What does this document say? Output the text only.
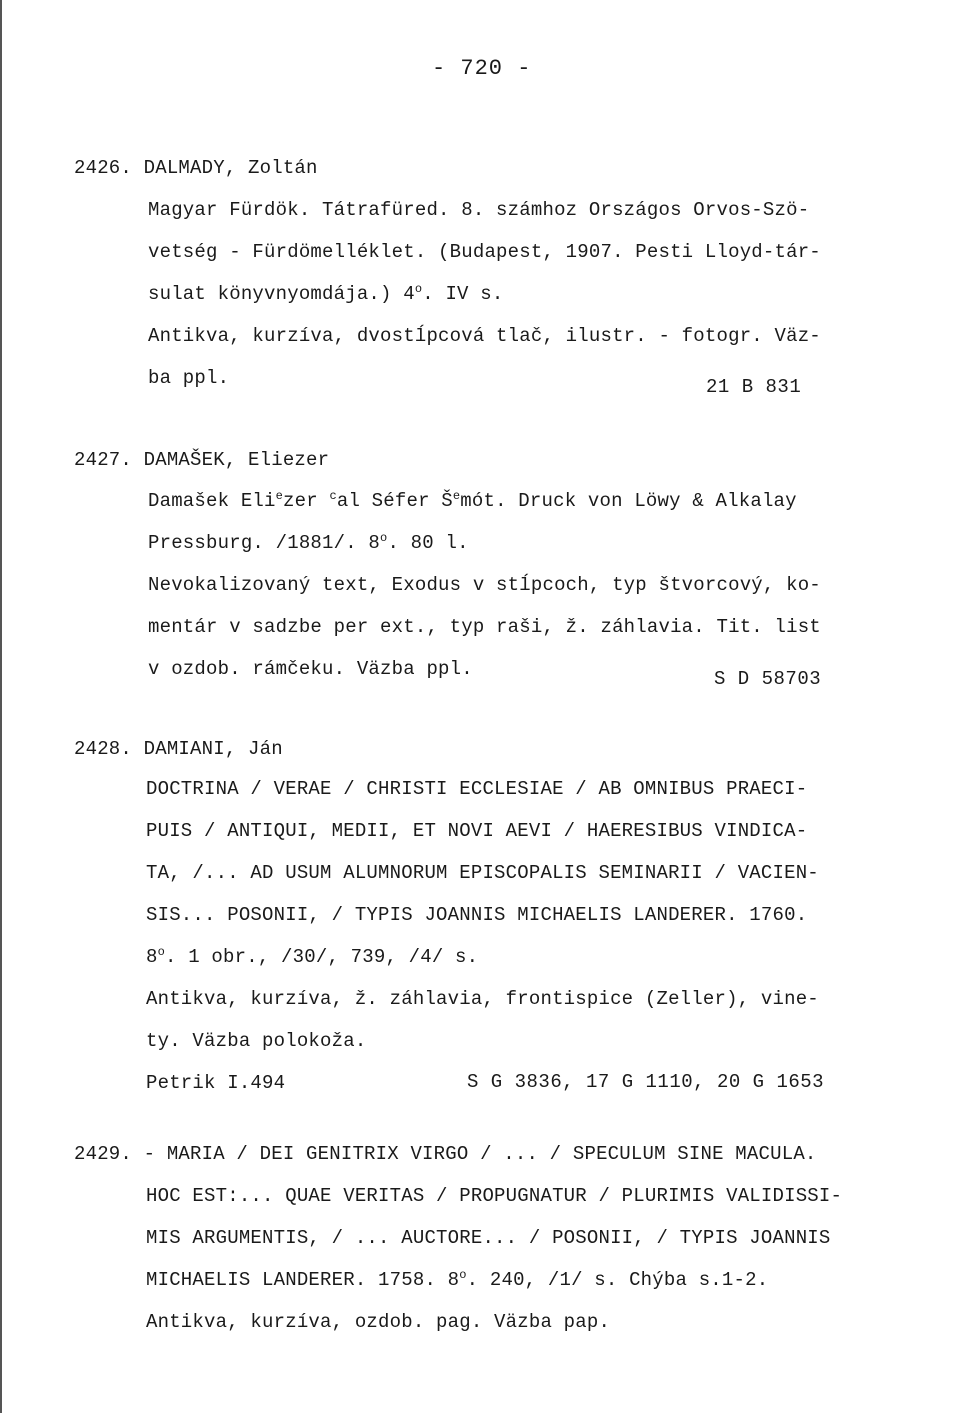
- 720 -
2426. DALMADY, Zoltán
Magyar Fürdök. Tátrafüred. 8. számhoz Országos Orvos-Szö-
vetség - Fürdömelléklet. (Budapest, 1907. Pesti Lloyd-tár-
sulat könyvnyomdája.) 4$^o$. IV s.
Antikva, kurzíva, dvostĺpcová tlač, ilustr. - fotogr. Väz-
ba ppl.	21 B 831
2427. DAMAŠEK, Eliezer
Damašek Eli$^e$zer $^c$al Séfer $Š^emót$. Druck von Löwy & Alkalay
Pressburg. /1881/. 8$^o$. 80 l.
Nevokalizovaný text, Exodus v stĺpcoch, typ štvorcový, ko-
mentár v sadzbe per ext., typ raši, ž. záhlavia. Tit. list
v ozdob. rámčeku. Väzba ppl.	S D 58703
2428. DAMIANI, Ján
DOCTRINA / VERAE / CHRISTI ECCLESIAE / AB OMNIBUS PRAECI-
PUIS / ANTIQUI, MEDII, ET NOVI AEVI / HAERESIBUS VINDICA-
TA, /... AD USUM ALUMNORUM EPISCOPALIS SEMINARII / VACIEN-
SIS... POSONII, / TYPIS JOANNIS MICHAELIS LANDERER. 1760.
8$^o$. 1 obr., /30/, 739, /4/ s.
Antikva, kurzíva, ž. záhlavia, frontispice (Zeller), vine-
ty. Väzba polokoža.
Petrik I.494	S G 3836, 17 G 1110, 20 G 1653
2429. - MARIA / DEI GENITRIX VIRGO / ... / SPECULUM SINE MACULA.
HOC EST:... QUAE VERITAS / PROPUGNATUR / PLURIMIS VALIDISSI-
MIS ARGUMENTIS, / ... AUCTORE... / POSONII, / TYPIS JOANNIS
MICHAELIS LANDERER. 1758. 8$^o$. 240, /1/ s. Chýba s.1-2.
Antikva, kurzíva, ozdob. pag. Väzba pap.
